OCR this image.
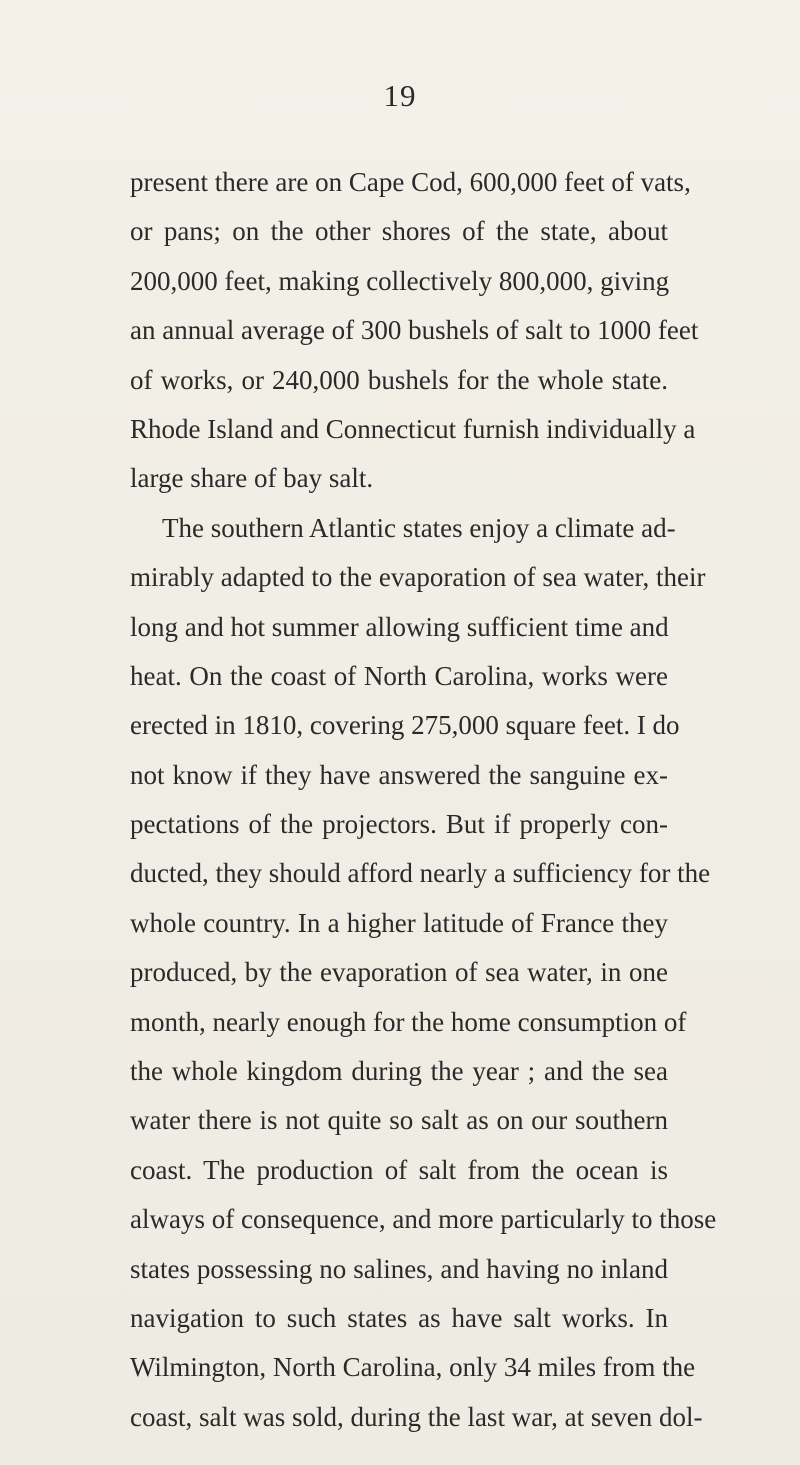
19
present there are on Cape Cod, 600,000 feet of vats,
or pans; on the other shores of the state, about
200,000 feet, making collectively 800,000, giving
an annual average of 300 bushels of salt to 1000 feet
of works, or 240,000 bushels for the whole state.
Rhode Island and Connecticut furnish individually a
large share of bay salt.
The southern Atlantic states enjoy a climate ad-
mirably adapted to the evaporation of sea water, their
long and hot summer allowing sufficient time and
heat. On the coast of North Carolina, works were
erected in 1810, covering 275,000 square feet. I do
not know if they have answered the sanguine ex-
pectations of the projectors. But if properly con-
ducted, they should afford nearly a sufficiency for the
whole country. In a higher latitude of France they
produced, by the evaporation of sea water, in one
month, nearly enough for the home consumption of
the whole kingdom during the year ; and the sea
water there is not quite so salt as on our southern
coast. The production of salt from the ocean is
always of consequence, and more particularly to those
states possessing no salines, and having no inland
navigation to such states as have salt works. In
Wilmington, North Carolina, only 34 miles from the
coast, salt was sold, during the last war, at seven dol-
